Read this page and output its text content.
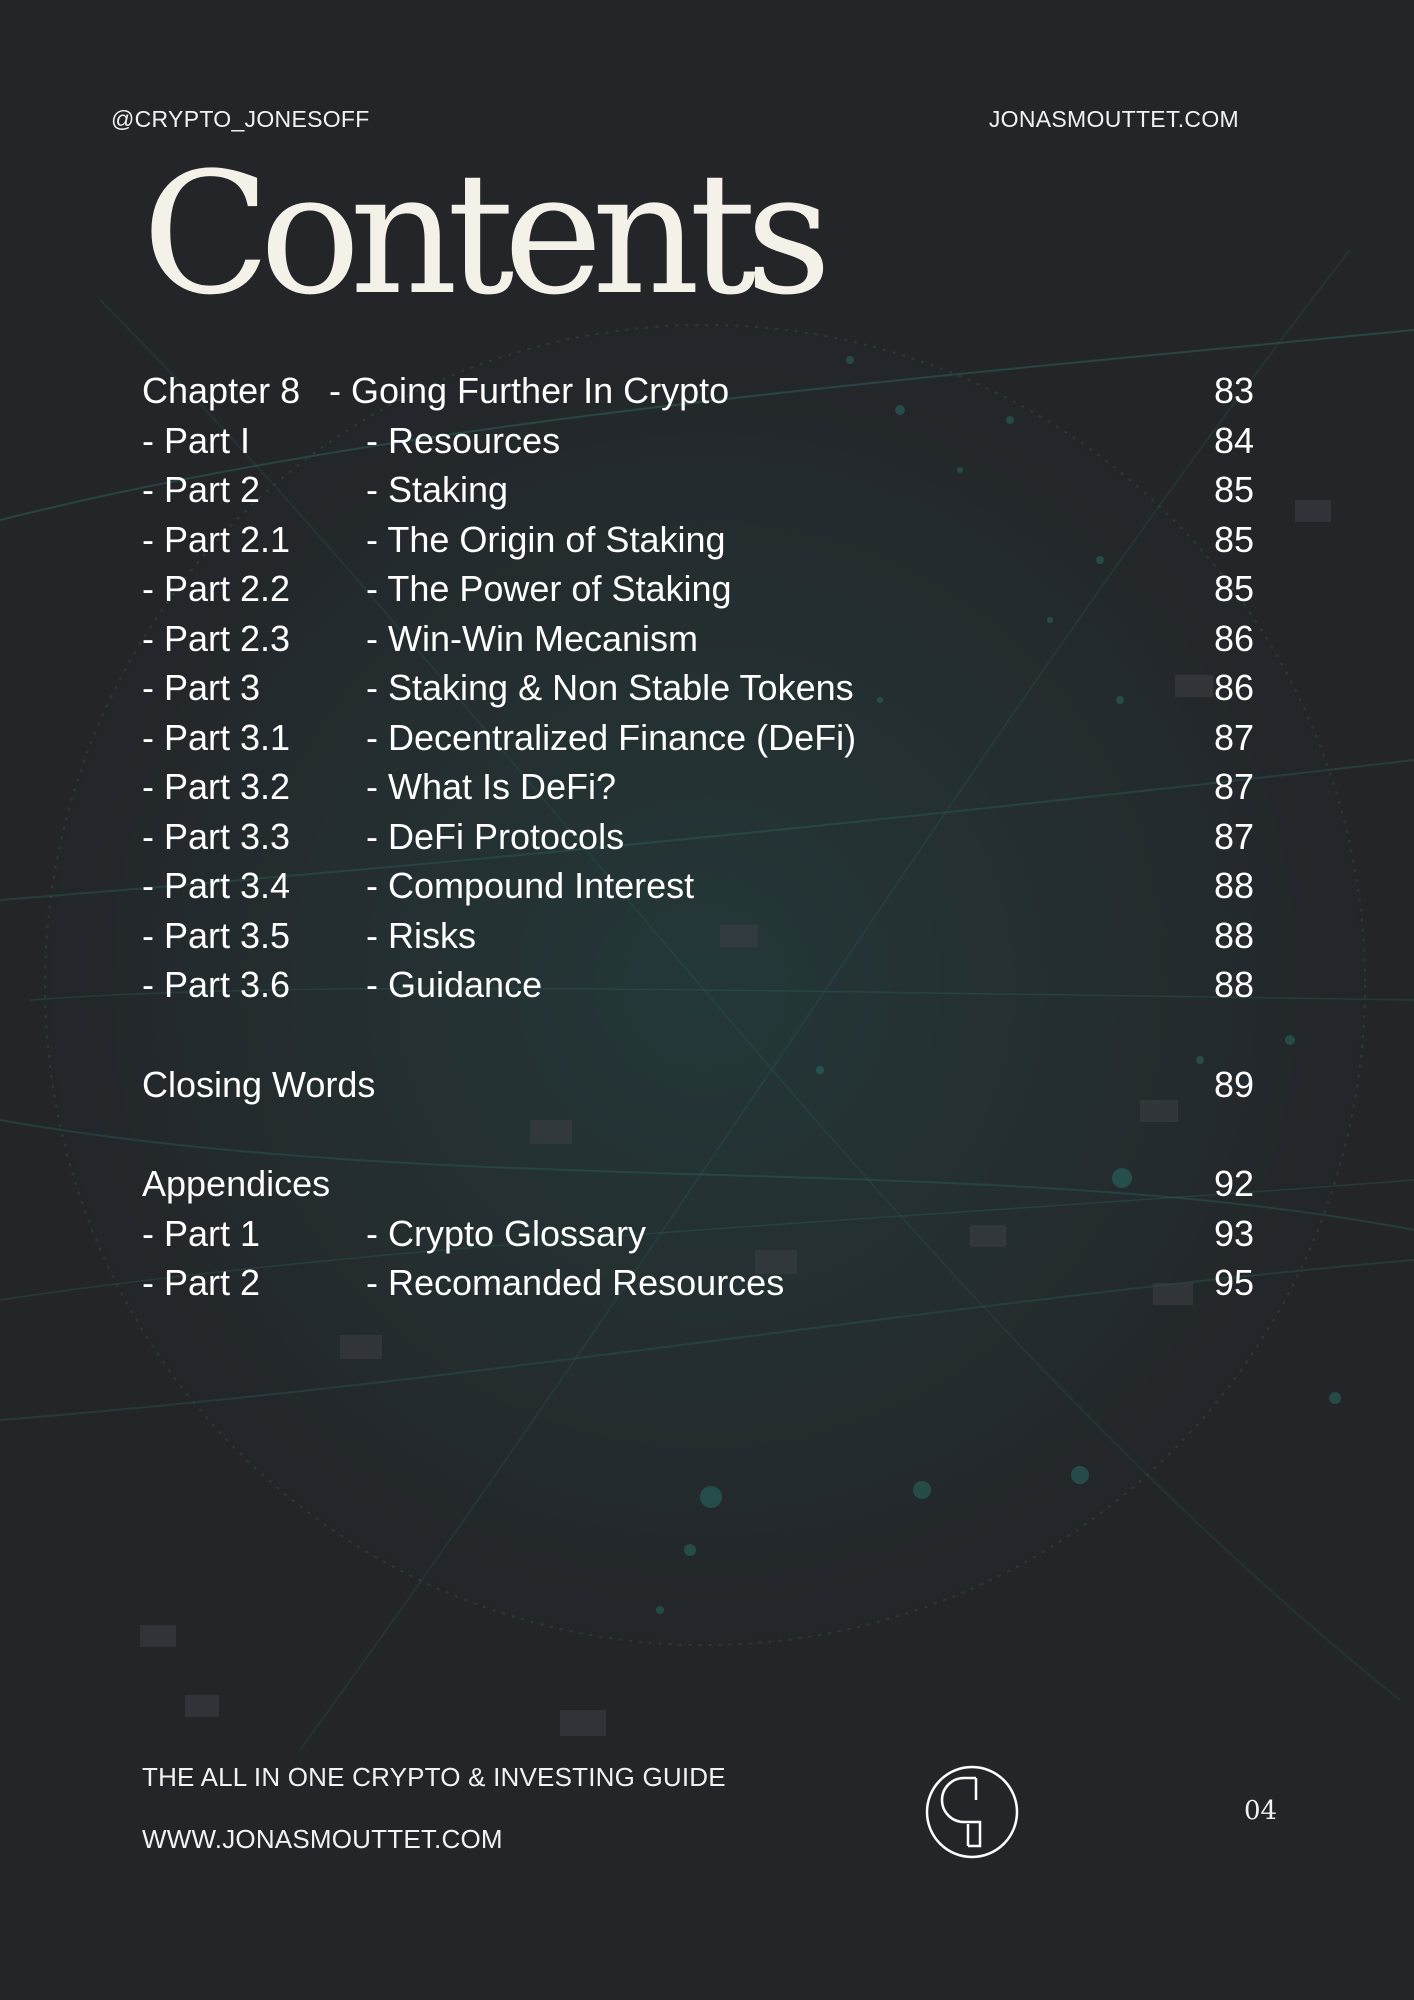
@CRYPTO_JONESOFF	JONASMOUTTET.COM
Contents
Chapter 8 - Going Further In Crypto	83
- Part I	- Resources	84
- Part 2	- Staking	85
- Part 2.1 - The Origin of Staking	85
- Part 2.2 - The Power of Staking	85
- Part 2.3 - Win-Win Mecanism	86
- Part 3	- Staking & Non Stable Tokens	86
- Part 3.1 - Decentralized Finance (DeFi)	87
- Part 3.2 - What Is DeFi?	87
- Part 3.3 - DeFi Protocols	87
- Part 3.4 - Compound Interest	88
- Part 3.5 - Risks	88
- Part 3.6 - Guidance	88
Closing Words	89
Appendices	92
- Part 1	- Crypto Glossary	93
- Part 2	- Recomanded Resources	95
THE ALL IN ONE CRYPTO & INVESTING GUIDE
WWW.JONASMOUTTET.COM
04
